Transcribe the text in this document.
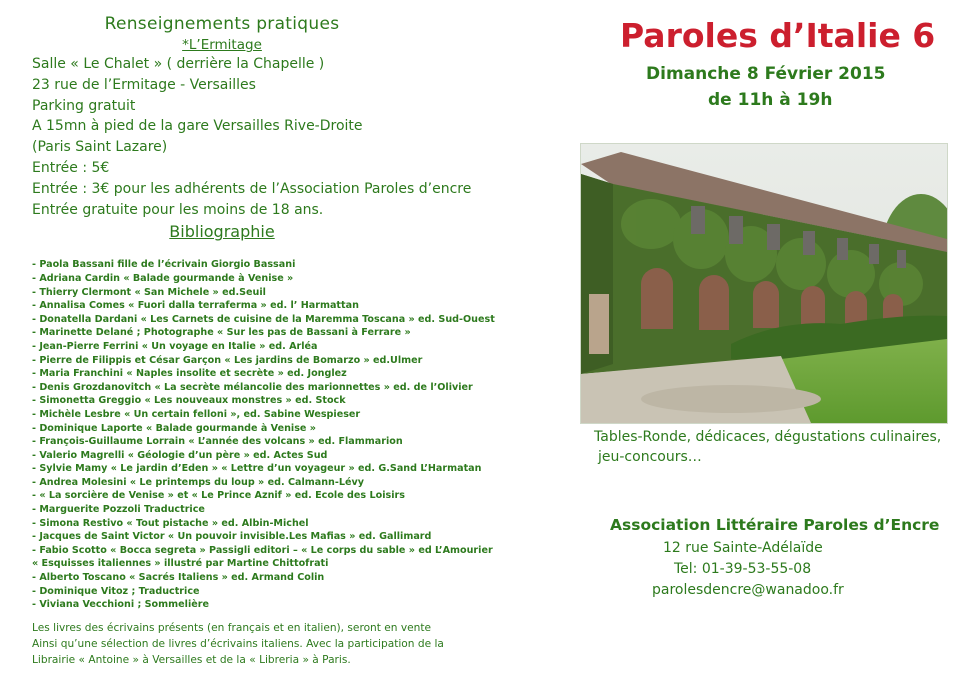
Renseignements pratiques

*L’Ermitage

Salle « Le Chalet » ( derrière la Chapelle )

23 rue de l’Ermitage - Versailles

Parking gratuit

A 15mn à pied de la gare Versailles Rive-Droite

(Paris Saint Lazare)

Entrée : 5€

Entrée : 3€ pour les adhérents de l’Association Paroles d’encre

Entrée gratuite pour les moins de 18 ans.

Bibliographie

- Paola Bassani fille de l’écrivain Giorgio Bassani
- Adriana Cardin « Balade gourmande à Venise »
- Thierry Clermont « San Michele » ed.Seuil
- Annalisa Comes « Fuori dalla terraferma » ed. l’ Harmattan
- Donatella Dardani « Les Carnets de cuisine de la Maremma Toscana » ed. Sud-Ouest
- Marinette Delané ; Photographe « Sur les pas de Bassani à Ferrare »
- Jean-Pierre Ferrini « Un voyage en Italie » ed. Arléa
- Pierre de Filippis et César Garçon « Les jardins de Bomarzo » ed.Ulmer
- Maria Franchini « Naples insolite et secrète » ed. Jonglez
- Denis Grozdanovitch « La secrète mélancolie des marionnettes » ed. de l’Olivier
- Simonetta Greggio « Les nouveaux monstres » ed. Stock
- Michèle Lesbre « Un certain felloni », ed. Sabine Wespieser
- Dominique Laporte « Balade gourmande à Venise »
- François-Guillaume Lorrain « L’année des volcans » ed. Flammarion
- Valerio Magrelli « Géologie d’un père » ed. Actes Sud
- Sylvie Mamy « Le jardin d’Eden » « Lettre d’un voyageur » ed. G.Sand L’Harmatan
- Andrea Molesini « Le printemps du loup » ed. Calmann-Lévy
- « La sorcière de Venise » et « Le Prince Aznif » ed. Ecole des Loisirs
- Marguerite Pozzoli Traductrice
- Simona Restivo « Tout pistache » ed. Albin-Michel
- Jacques de Saint Victor « Un pouvoir invisible.Les Mafias » ed. Gallimard
- Fabio Scotto « Bocca segreta » Passigli editori – « Le corps du sable » ed L’Amourier
« Esquisses italiennes » illustré par Martine Chittofrati
- Alberto Toscano « Sacrés Italiens » ed. Armand Colin
- Dominique Vitoz ; Traductrice
- Viviana Vecchioni ; Sommelière
Les livres des écrivains présents (en français et en italien), seront en vente
Ainsi qu’une sélection de livres d’écrivains italiens. Avec la participation de la
Librairie « Antoine » à Versailles et de la « Libreria » à Paris.
Paroles d’Italie 6
Dimanche 8 Février 2015
de 11h à 19h
Tables-Ronde, dédicaces, dégustations culinaires,
jeu-concours…
Association Littéraire Paroles d’Encre
12 rue Sainte-Adélaïde
Tel: 01-39-53-55-08
parolesdencre@wanadoo.fr
